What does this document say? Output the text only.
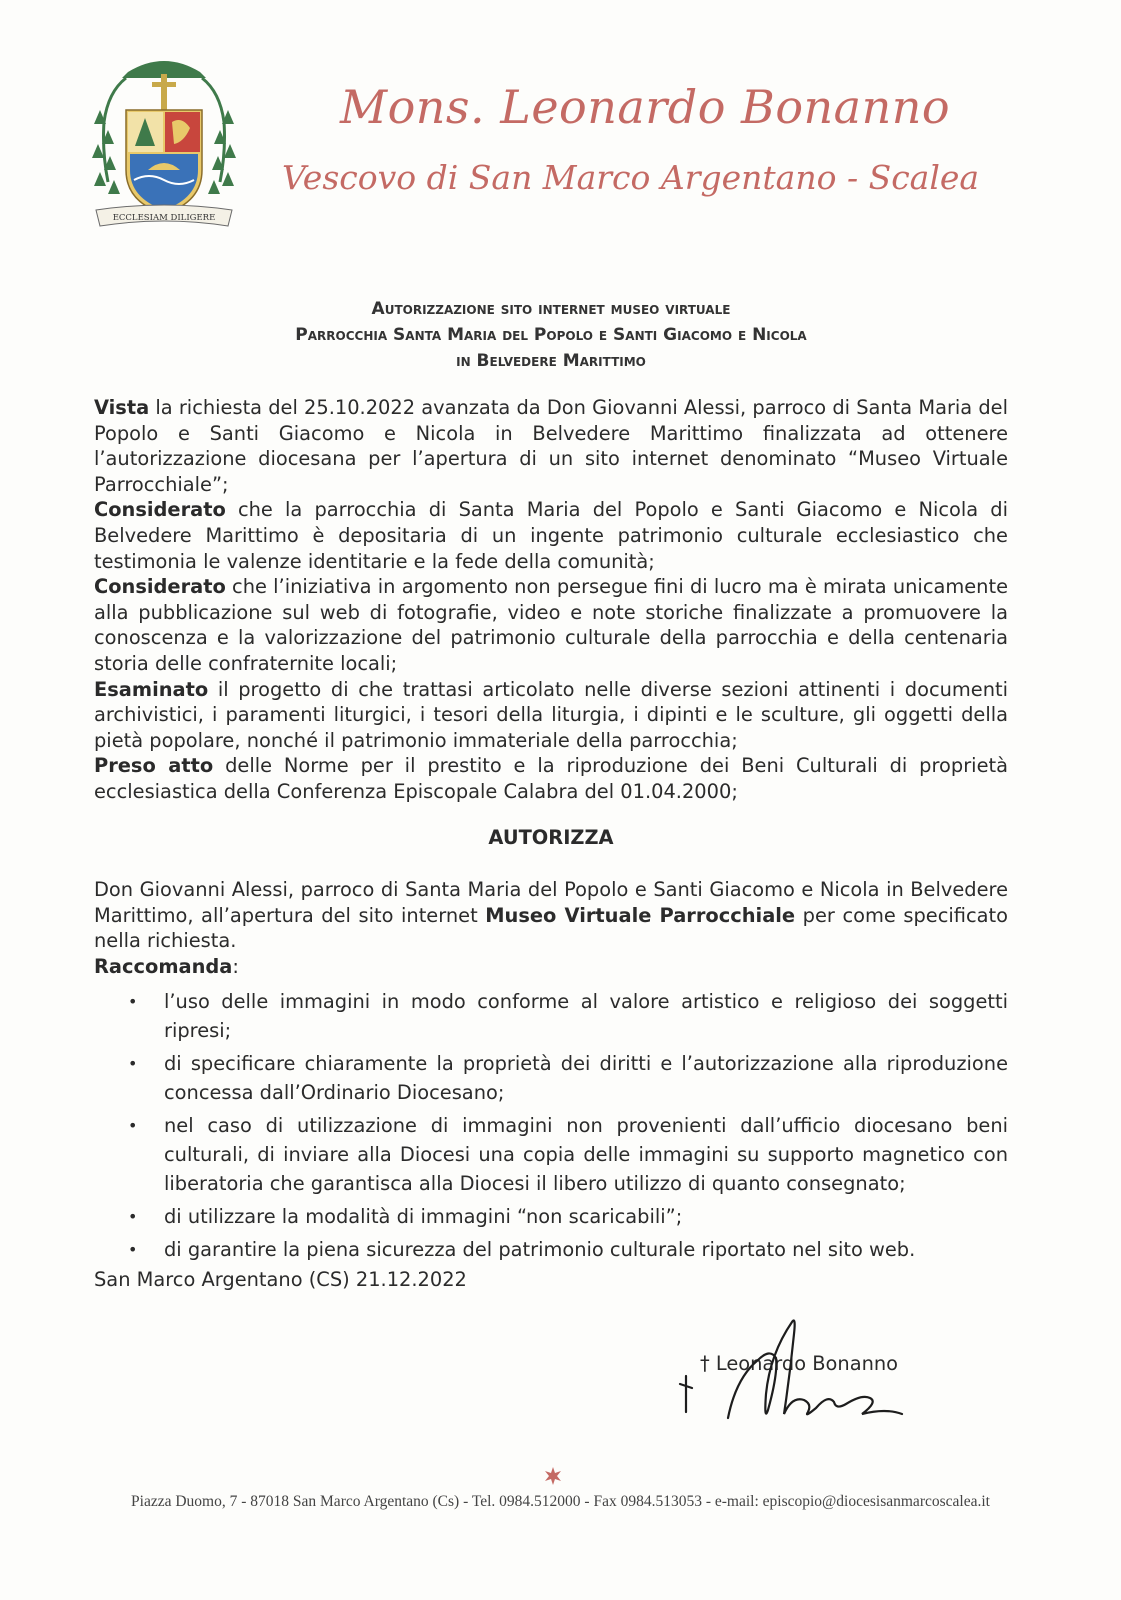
ECCLESIAM DILIGERE
Mons. Leonardo Bonanno
Vescovo di San Marco Argentano - Scalea
Autorizzazione sito internet museo virtuale
Parrocchia Santa Maria del Popolo e Santi Giacomo e Nicola
in Belvedere Marittimo

Vista la richiesta del 25.10.2022 avanzata da Don Giovanni Alessi, parroco di Santa Maria del Popolo e Santi Giacomo e Nicola in Belvedere Marittimo finalizzata ad ottenere l’autorizzazione diocesana per l’apertura di un sito internet denominato “Museo Virtuale Parrocchiale”;

Considerato che la parrocchia di Santa Maria del Popolo e Santi Giacomo e Nicola di Belvedere Marittimo è depositaria di un ingente patrimonio culturale ecclesiastico che testimonia le valenze identitarie e la fede della comunità;

Considerato che l’iniziativa in argomento non persegue fini di lucro ma è mirata unicamente alla pubblicazione sul web di fotografie, video e note storiche finalizzate a promuovere la conoscenza e la valorizzazione del patrimonio culturale della parrocchia e della centenaria storia delle confraternite locali;

Esaminato il progetto di che trattasi articolato nelle diverse sezioni attinenti i documenti archivistici, i paramenti liturgici, i tesori della liturgia, i dipinti e le sculture, gli oggetti della pietà popolare, nonché il patrimonio immateriale della parrocchia;

Preso atto delle Norme per il prestito e la riproduzione dei Beni Culturali di proprietà ecclesiastica della Conferenza Episcopale Calabra del 01.04.2000;

AUTORIZZA

Don Giovanni Alessi, parroco di Santa Maria del Popolo e Santi Giacomo e Nicola in Belvedere Marittimo, all’apertura del sito internet Museo Virtuale Parrocchiale per come specificato nella richiesta.

Raccomanda:

• l’uso delle immagini in modo conforme al valore artistico e religioso dei soggetti ripresi;
• di specificare chiaramente la proprietà dei diritti e l’autorizzazione alla riproduzione concessa dall’Ordinario Diocesano;
• nel caso di utilizzazione di immagini non provenienti dall’ufficio diocesano beni culturali, di inviare alla Diocesi una copia delle immagini su supporto magnetico con liberatoria che garantisca alla Diocesi il libero utilizzo di quanto consegnato;
• di utilizzare la modalità di immagini “non scaricabili”;
• di garantire la piena sicurezza del patrimonio culturale riportato nel sito web.
San Marco Argentano (CS) 21.12.2022
† Leonardo Bonanno
Piazza Duomo, 7 - 87018 San Marco Argentano (Cs) - Tel. 0984.512000 - Fax 0984.513053 - e-mail: episcopio@diocesisanmarcoscalea.it
